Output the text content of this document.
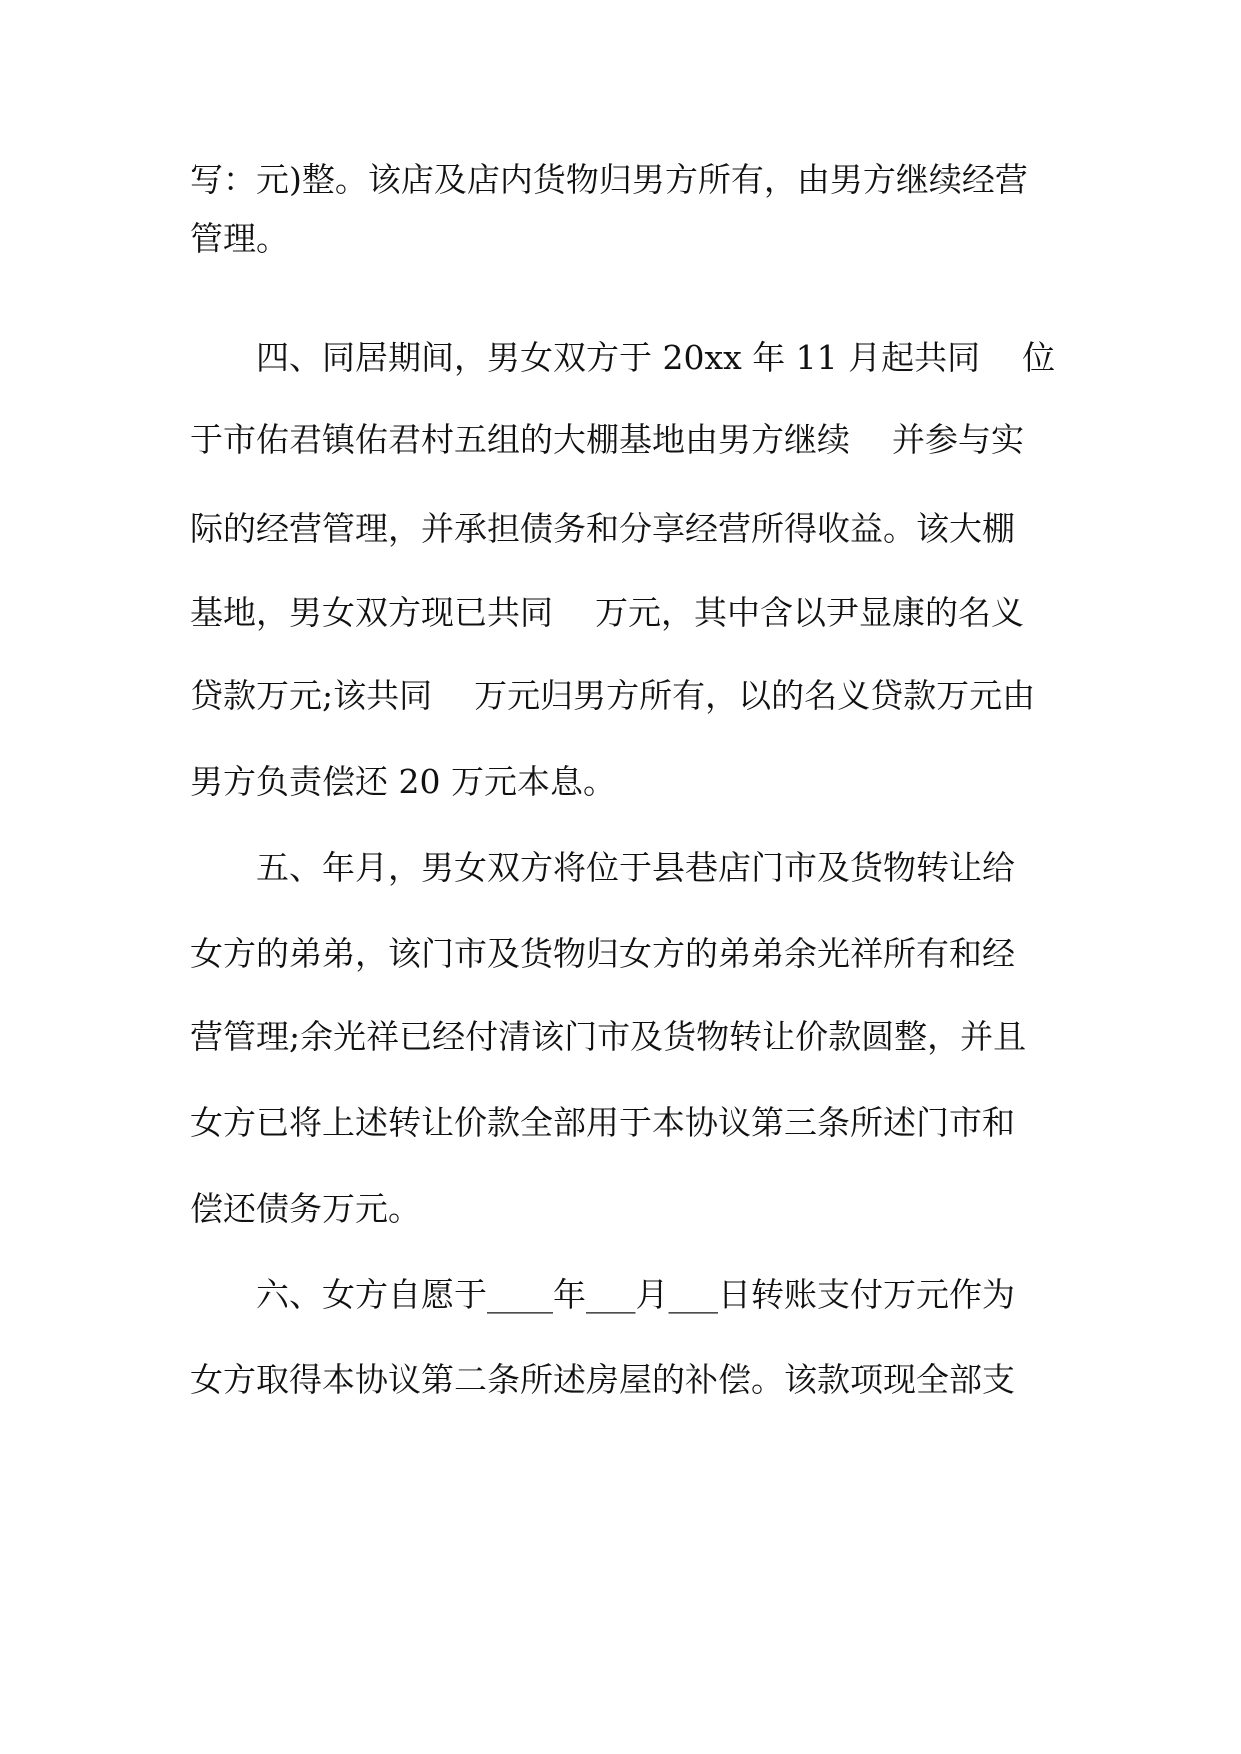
写：元)整。该店及店内货物归男方所有，由男方继续经营
管理。
四、同居期间，男女双方于 20xx 年 11 月起共同    位
于市佑君镇佑君村五组的大棚基地由男方继续    并参与实
际的经营管理，并承担债务和分享经营所得收益。该大棚
基地，男女双方现已共同    万元，其中含以尹显康的名义
贷款万元;该共同    万元归男方所有，以的名义贷款万元由
男方负责偿还 20 万元本息。
五、年月，男女双方将位于县巷店门市及货物转让给
女方的弟弟，该门市及货物归女方的弟弟余光祥所有和经
营管理;余光祥已经付清该门市及货物转让价款圆整，并且
女方已将上述转让价款全部用于本协议第三条所述门市和
偿还债务万元。
六、女方自愿于____年___月___日转账支付万元作为
女方取得本协议第二条所述房屋的补偿。该款项现全部支
